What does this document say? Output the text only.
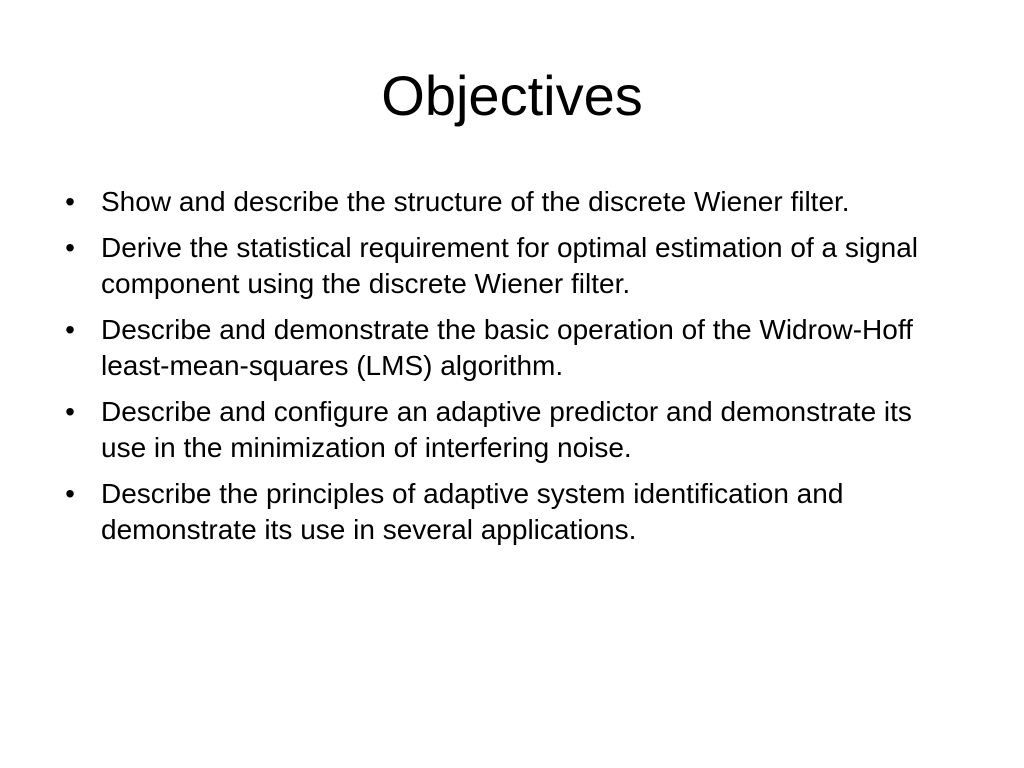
Objectives
• Show and describe the structure of the discrete Wiener filter.
• Derive the statistical requirement for optimal estimation of a signal component using the discrete Wiener filter.
• Describe and demonstrate the basic operation of the Widrow-Hoff least-mean-squares (LMS) algorithm.
• Describe and configure an adaptive predictor and demonstrate its use in the minimization of interfering noise.
• Describe the principles of adaptive system identification and demonstrate its use in several applications.
